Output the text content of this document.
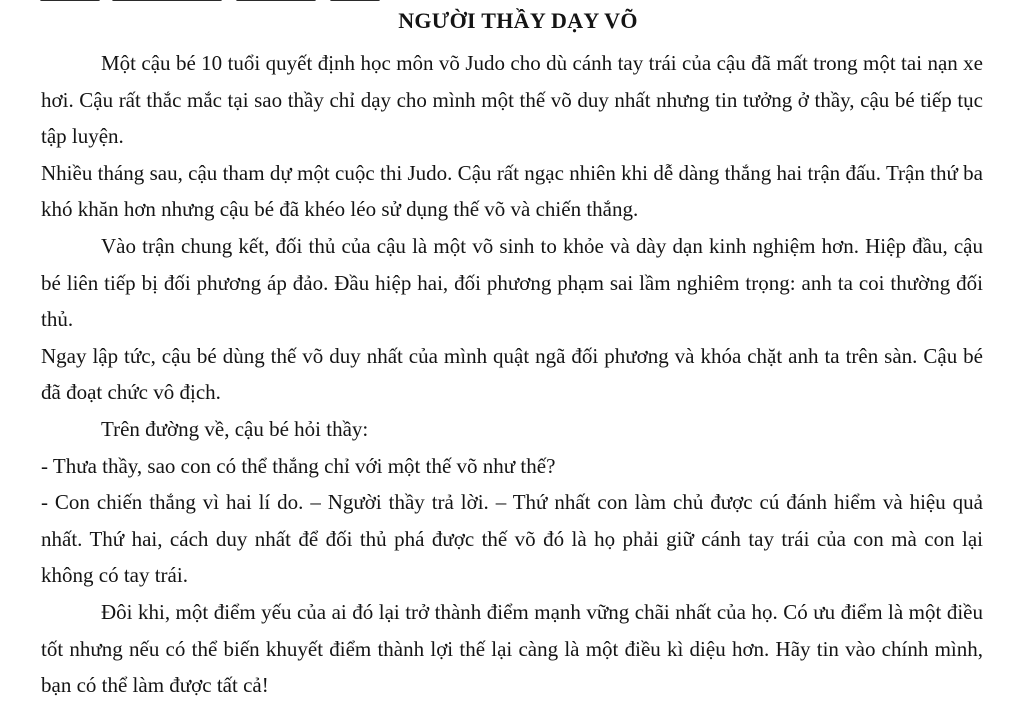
NGƯỜI THẦY DẠY VÕ

Một cậu bé 10 tuổi quyết định học môn võ Judo cho dù cánh tay trái của cậu đã mất trong một tai nạn xe hơi. Cậu rất thắc mắc tại sao thầy chỉ dạy cho mình một thế võ duy nhất nhưng tin tưởng ở thầy, cậu bé tiếp tục tập luyện.

Nhiều tháng sau, cậu tham dự một cuộc thi Judo. Cậu rất ngạc nhiên khi dễ dàng thắng hai trận đấu. Trận thứ ba khó khăn hơn nhưng cậu bé đã khéo léo sử dụng thế võ và chiến thắng.

Vào trận chung kết, đối thủ của cậu là một võ sinh to khỏe và dày dạn kinh nghiệm hơn. Hiệp đầu, cậu bé liên tiếp bị đối phương áp đảo. Đầu hiệp hai, đối phương phạm sai lầm nghiêm trọng: anh ta coi thường đối thủ.

Ngay lập tức, cậu bé dùng thế võ duy nhất của mình quật ngã đối phương và khóa chặt anh ta trên sàn. Cậu bé đã đoạt chức vô địch.

Trên đường về, cậu bé hỏi thầy:

- Thưa thầy, sao con có thể thắng chỉ với một thế võ như thế?

- Con chiến thắng vì hai lí do. – Người thầy trả lời. – Thứ nhất con làm chủ được cú đánh hiểm và hiệu quả nhất. Thứ hai, cách duy nhất để đối thủ phá được thế võ đó là họ phải giữ cánh tay trái của con mà con lại không có tay trái.

Đôi khi, một điểm yếu của ai đó lại trở thành điểm mạnh vững chãi nhất của họ. Có ưu điểm là một điều tốt nhưng nếu có thể biến khuyết điểm thành lợi thế lại càng là một điều kì diệu hơn. Hãy tin vào chính mình, bạn có thể làm được tất cả!
